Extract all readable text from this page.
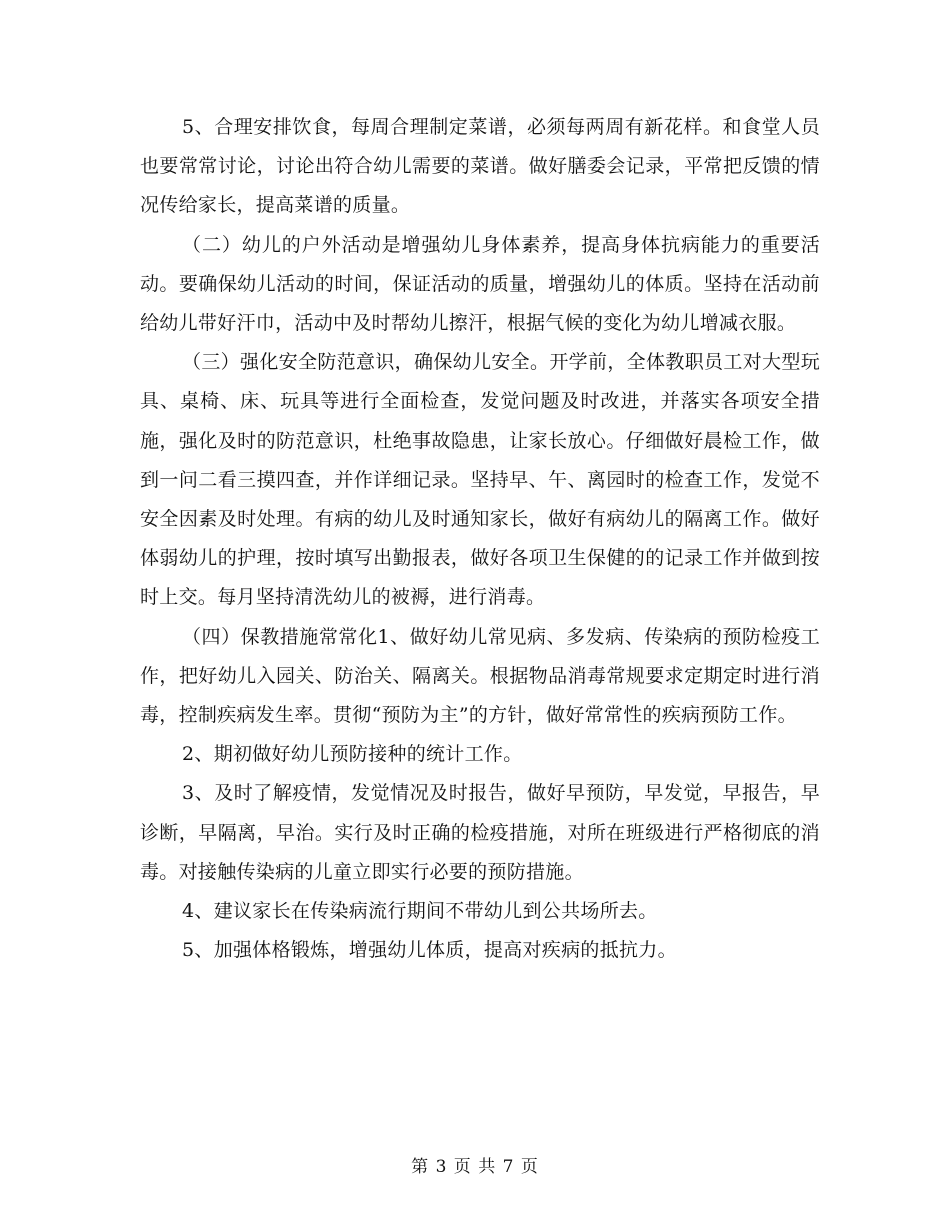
5、合理安排饮食，每周合理制定菜谱，必须每两周有新花样。和食堂人员也要常常讨论，讨论出符合幼儿需要的菜谱。做好膳委会记录，平常把反馈的情况传给家长，提高菜谱的质量。

（二）幼儿的户外活动是增强幼儿身体素养，提高身体抗病能力的重要活动。要确保幼儿活动的时间，保证活动的质量，增强幼儿的体质。坚持在活动前给幼儿带好汗巾，活动中及时帮幼儿擦汗，根据气候的变化为幼儿增减衣服。

（三）强化安全防范意识，确保幼儿安全。开学前，全体教职员工对大型玩具、桌椅、床、玩具等进行全面检查，发觉问题及时改进，并落实各项安全措施，强化及时的防范意识，杜绝事故隐患，让家长放心。仔细做好晨检工作，做到一问二看三摸四查，并作详细记录。坚持早、午、离园时的检查工作，发觉不安全因素及时处理。有病的幼儿及时通知家长，做好有病幼儿的隔离工作。做好体弱幼儿的护理，按时填写出勤报表，做好各项卫生保健的的记录工作并做到按时上交。每月坚持清洗幼儿的被褥，进行消毒。

（四）保教措施常常化1、做好幼儿常见病、多发病、传染病的预防检疫工作，把好幼儿入园关、防治关、隔离关。根据物品消毒常规要求定期定时进行消毒，控制疾病发生率。贯彻“预防为主”的方针，做好常常性的疾病预防工作。

2、期初做好幼儿预防接种的统计工作。

3、及时了解疫情，发觉情况及时报告，做好早预防，早发觉，早报告，早诊断，早隔离，早治。实行及时正确的检疫措施，对所在班级进行严格彻底的消毒。对接触传染病的儿童立即实行必要的预防措施。

4、建议家长在传染病流行期间不带幼儿到公共场所去。

5、加强体格锻炼，增强幼儿体质，提高对疾病的抵抗力。

第 3 页 共 7 页
